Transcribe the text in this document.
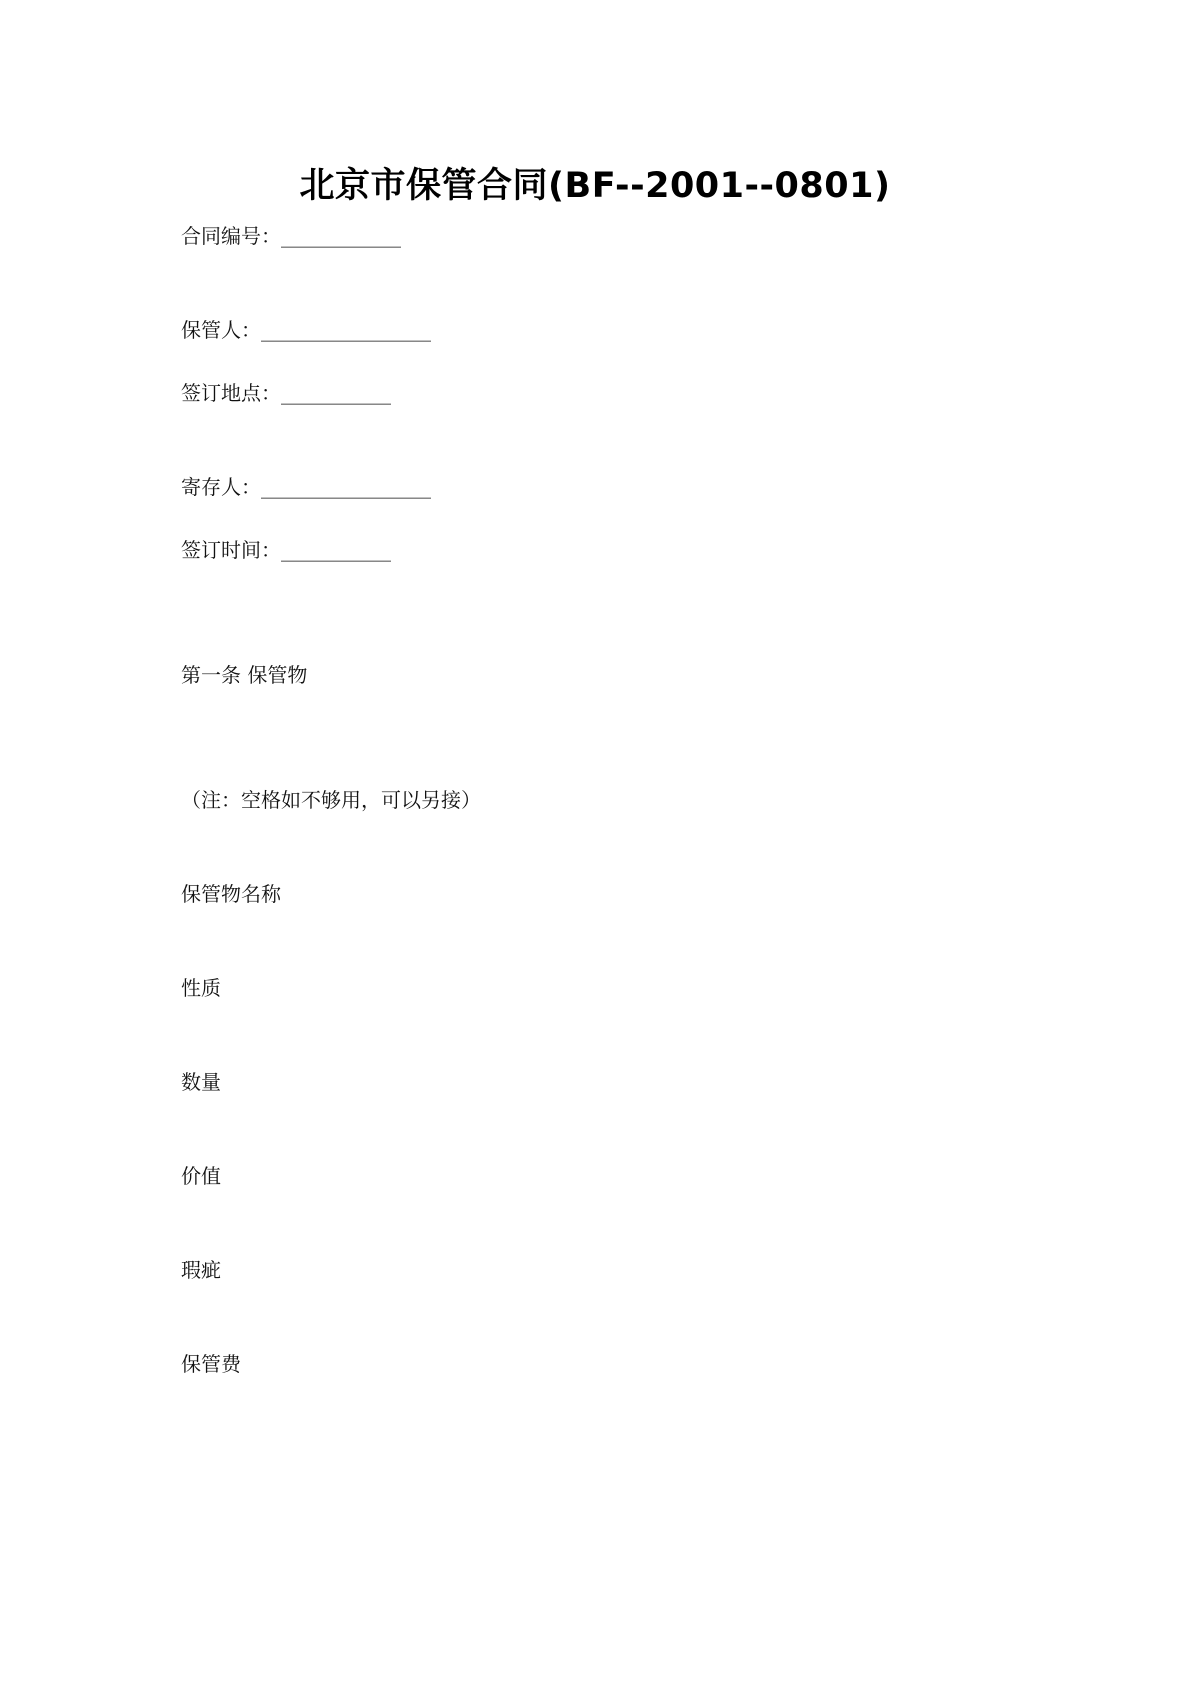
北京市保管合同(BF--2001--0801)
合同编号：____________
保管人：_________________
签订地点：___________
寄存人：_________________
签订时间：___________
第一条 保管物
（注：空格如不够用，可以另接）
保管物名称
性质
数量
价值
瑕疵
保管费
